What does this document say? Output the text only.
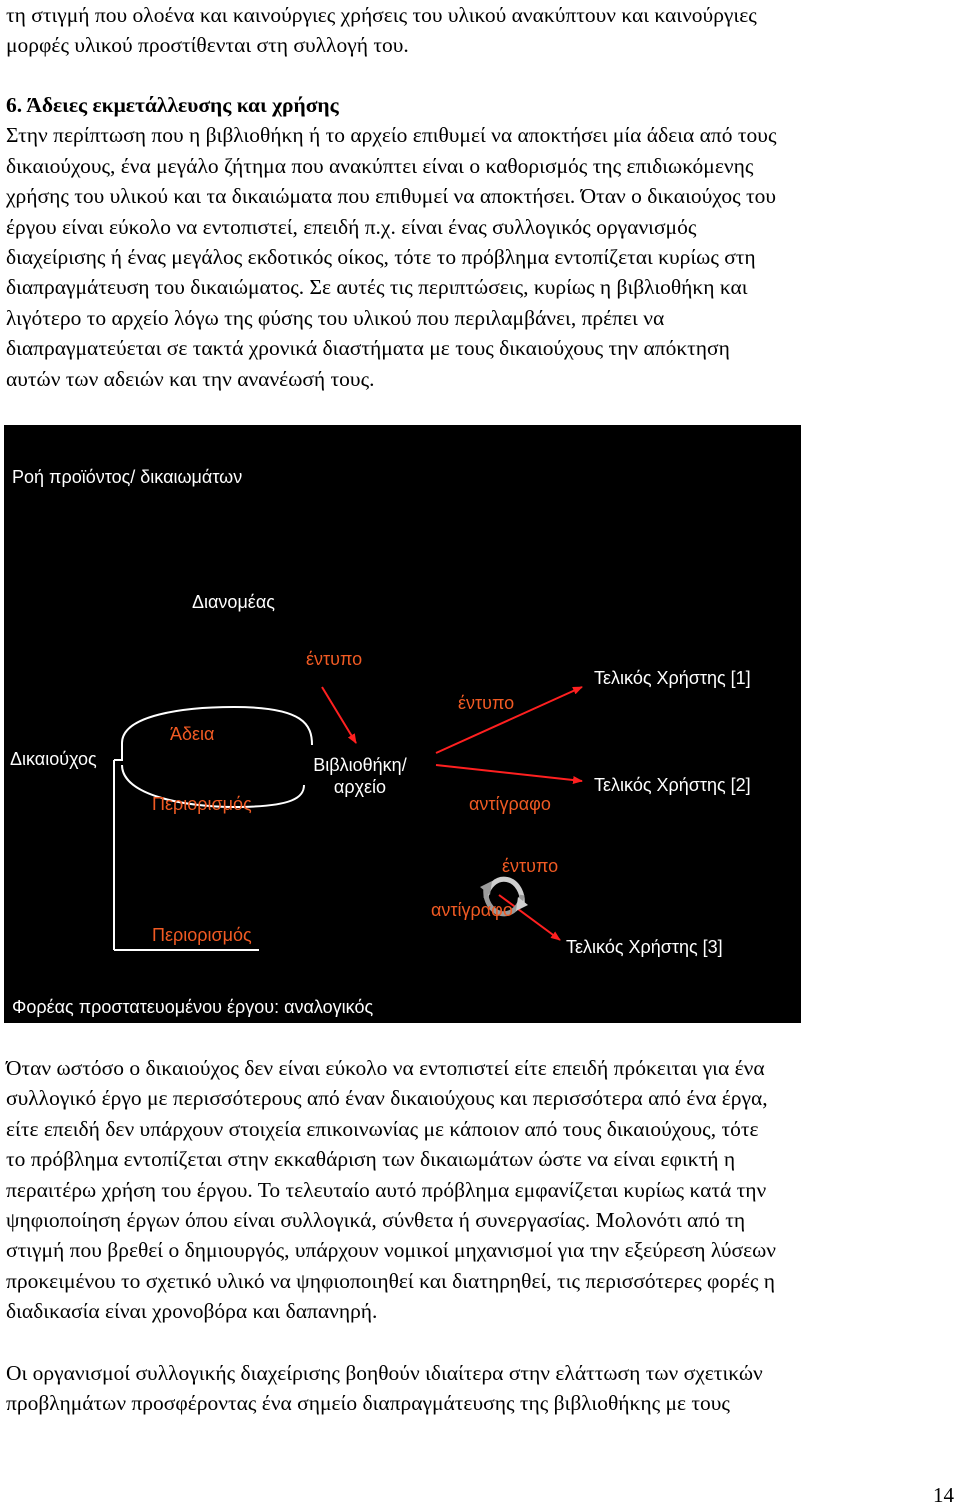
τη στιγμή που ολοένα και καινούργιες χρήσεις του υλικού ανακύπτουν και καινούργιες
μορφές υλικού προστίθενται στη συλλογή του.

6. Άδειες εκμετάλλευσης και χρήσης
Στην περίπτωση που η βιβλιοθήκη ή το αρχείο επιθυμεί να αποκτήσει μία άδεια από τους
δικαιούχους, ένα μεγάλο ζήτημα που ανακύπτει είναι ο καθορισμός της επιδιωκόμενης
χρήσης του υλικού και τα δικαιώματα που επιθυμεί να αποκτήσει. Όταν ο δικαιούχος του
έργου είναι εύκολο να εντοπιστεί, επειδή π.χ. είναι ένας συλλογικός οργανισμός
διαχείρισης ή ένας μεγάλος εκδοτικός οίκος, τότε το πρόβλημα εντοπίζεται κυρίως στη
διαπραγμάτευση του δικαιώματος. Σε αυτές τις περιπτώσεις, κυρίως η βιβλιοθήκη και
λιγότερο το αρχείο λόγω της φύσης του υλικού που περιλαμβάνει, πρέπει να
διαπραγματεύεται σε τακτά χρονικά διαστήματα με τους δικαιούχους την απόκτηση
αυτών των αδειών και την ανανέωσή τους.
Ροή προϊόντος/ δικαιωμάτων
Διανομέας
έντυπο
Τελικός Χρήστης [1]
έντυπο
Άδεια
Δικαιούχος	Βιβλιοθήκη/
αρχείο	Τελικός Χρήστης [2]
Περιορισμός	αντίγραφο
έντυπο
αντίγραφο
Περιορισμός
Τελικός Χρήστης [3]
Φορέας προστατευομένου έργου: αναλογικός

Όταν ωστόσο ο δικαιούχος δεν είναι εύκολο να εντοπιστεί είτε επειδή πρόκειται για ένα
συλλογικό έργο με περισσότερους από έναν δικαιούχους και περισσότερα από ένα έργα,
είτε επειδή δεν υπάρχουν στοιχεία επικοινωνίας με κάποιον από τους δικαιούχους, τότε
το πρόβλημα εντοπίζεται στην εκκαθάριση των δικαιωμάτων ώστε να είναι εφικτή η
περαιτέρω χρήση του έργου. Το τελευταίο αυτό πρόβλημα εμφανίζεται κυρίως κατά την
ψηφιοποίηση έργων όπου είναι συλλογικά, σύνθετα ή συνεργασίας. Μολονότι από τη
στιγμή που βρεθεί ο δημιουργός, υπάρχουν νομικοί μηχανισμοί για την εξεύρεση λύσεων
προκειμένου το σχετικό υλικό να ψηφιοποιηθεί και διατηρηθεί, τις περισσότερες φορές η
διαδικασία είναι χρονοβόρα και δαπανηρή.

Οι οργανισμοί συλλογικής διαχείρισης βοηθούν ιδιαίτερα στην ελάττωση των σχετικών
προβλημάτων προσφέροντας ένα σημείο διαπραγμάτευσης της βιβλιοθήκης με τους

14
